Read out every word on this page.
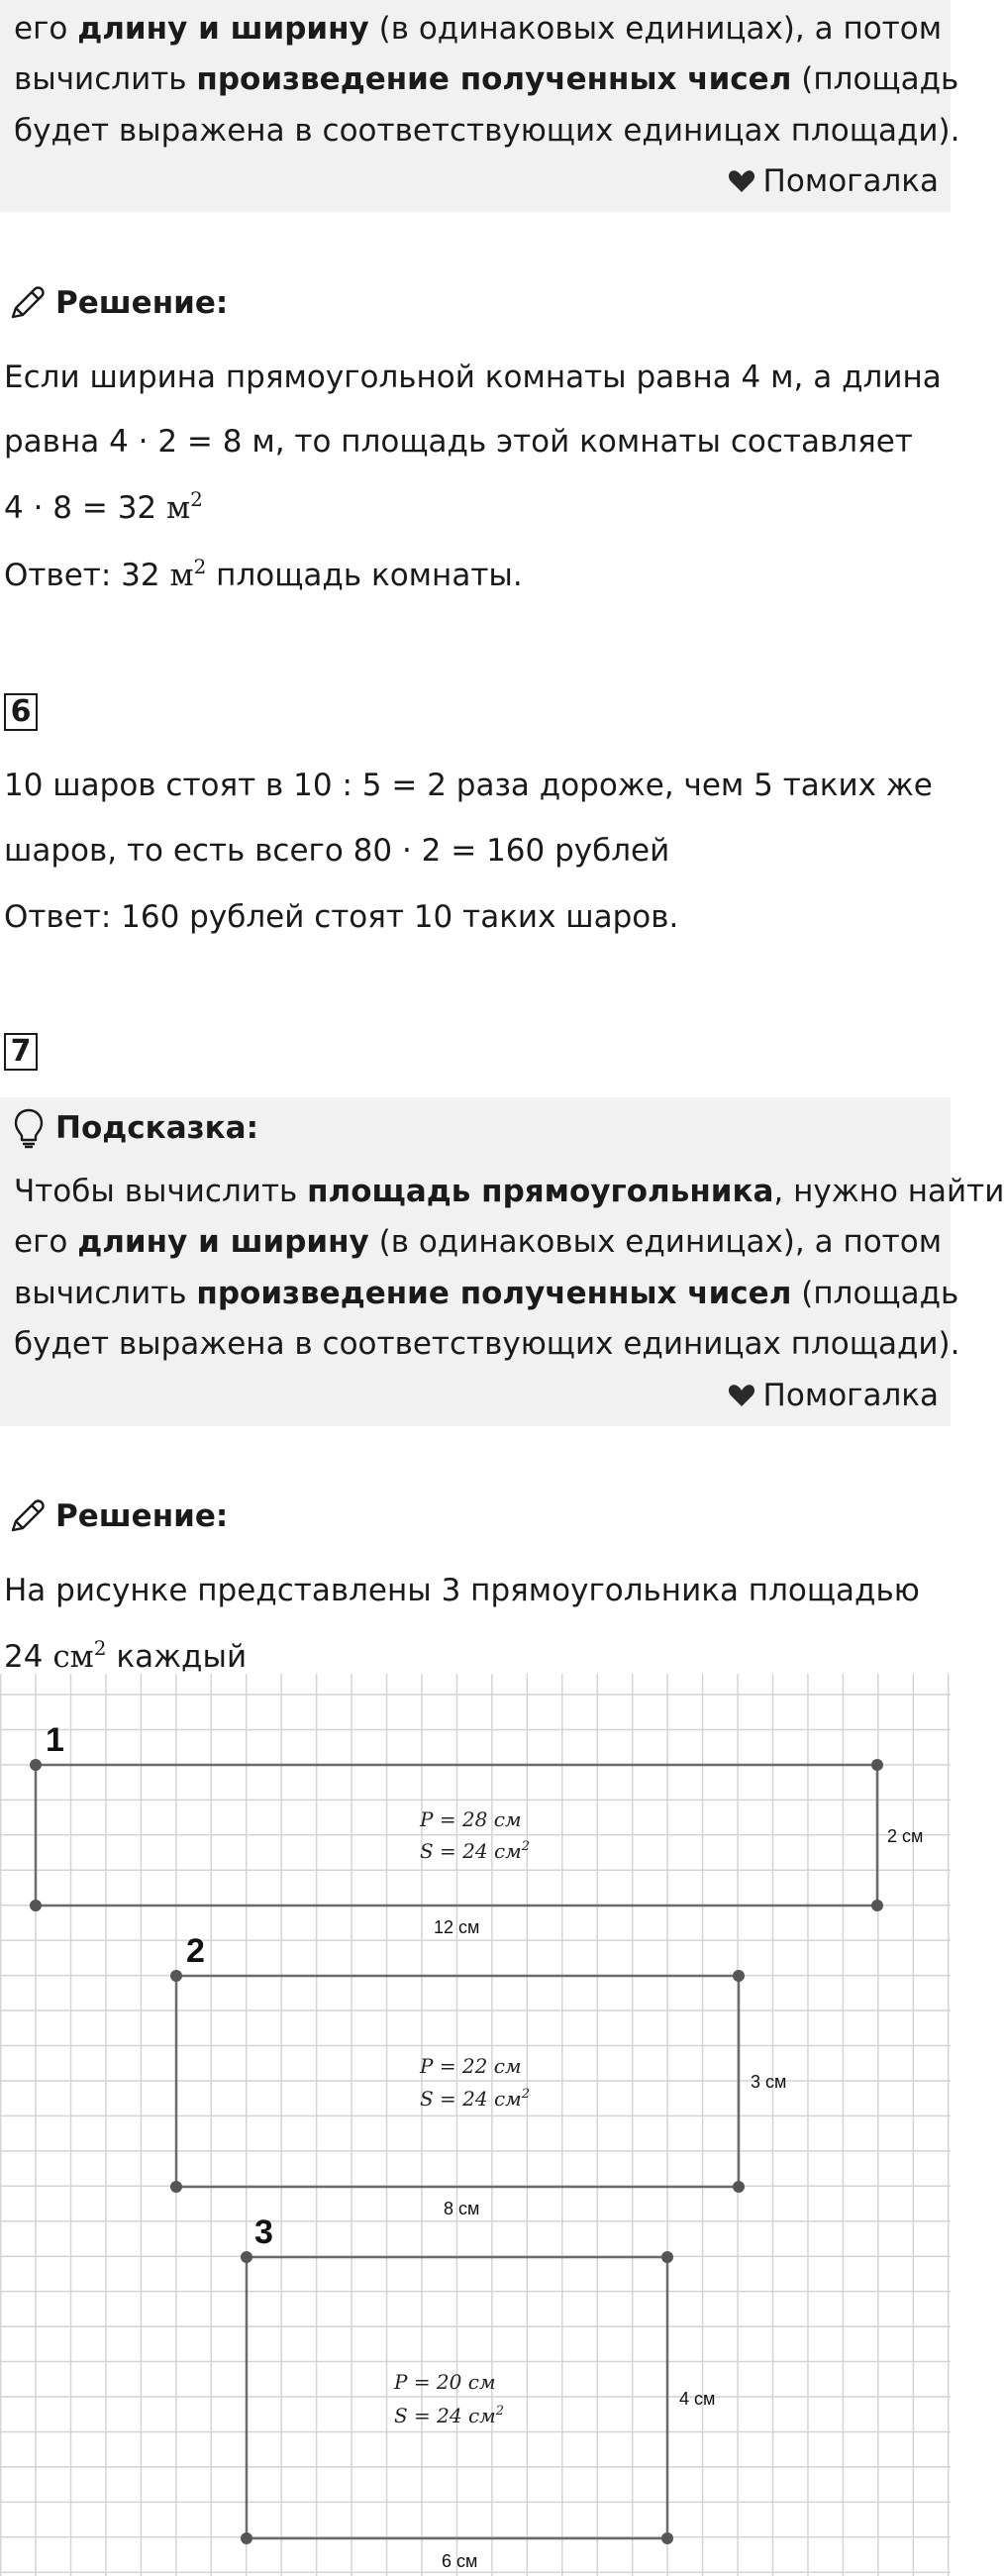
его длину и ширину (в одинаковых единицах), а потом
вычислить произведение полученных чисел (площадь
будет выражена в соответствующих единицах площади).
Помогалка
Решение:
Если ширина прямоугольной комнаты равна 4 м, а длина
равна 4 · 2 = 8 м, то площадь этой комнаты составляет
4 · 8 = 32 $м^2$
Ответ: 32 $м^2$ площадь комнаты.
6
10 шаров стоят в 10 : 5 = 2 раза дороже, чем 5 таких же
шаров, то есть всего 80 · 2 = 160 рублей
Ответ: 160 рублей стоят 10 таких шаров.
7
Подсказка:
Чтобы вычислить площадь прямоугольника, нужно найти
его длину и ширину (в одинаковых единицах), а потом
вычислить произведение полученных чисел (площадь
будет выражена в соответствующих единицах площади).
Помогалка
Решение:
На рисунке представлены 3 прямоугольника площадью
24 $см^2$ каждый
1
2 см
12 см
P = 28 см
S = 24 $см^2$
2
3 см
8 см
P = 22 см
S = 24 $см^2$
3
4 см
6 см
P = 20 см
S = 24 $см^2$
